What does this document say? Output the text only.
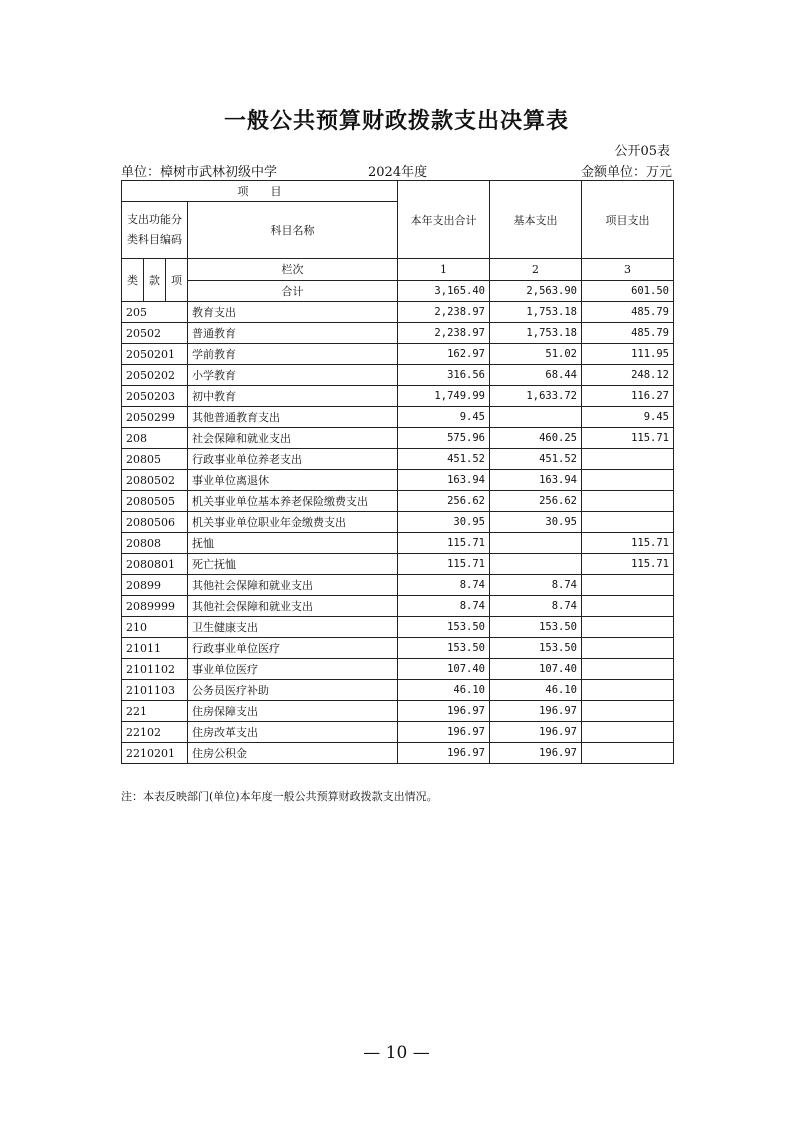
一般公共预算财政拨款支出决算表
公开05表
单位：樟树市武林初级中学	2024年度	金额单位：万元
项　　目				本年支出合计	基本支出	项目支出

支出功能分
类科目编码			科目名称			

类	款	项	栏次	1	2	3
			合计	3,165.40	2,563.90	601.50
205			教育支出	2,238.97	1,753.18	485.79
20502			普通教育	2,238.97	1,753.18	485.79
2050201			学前教育	162.97	51.02	111.95
2050202			小学教育	316.56	68.44	248.12
2050203			初中教育	1,749.99	1,633.72	116.27
2050299			其他普通教育支出	9.45		9.45
208			社会保障和就业支出	575.96	460.25	115.71
20805			行政事业单位养老支出	451.52	451.52	
2080502			事业单位离退休	163.94	163.94	
2080505			机关事业单位基本养老保险缴费支出	256.62	256.62	
2080506			机关事业单位职业年金缴费支出	30.95	30.95	
20808			抚恤	115.71		115.71
2080801			死亡抚恤	115.71		115.71
20899			其他社会保障和就业支出	8.74	8.74	
2089999			其他社会保障和就业支出	8.74	8.74	
210			卫生健康支出	153.50	153.50	
21011			行政事业单位医疗	153.50	153.50	
2101102			事业单位医疗	107.40	107.40	
2101103			公务员医疗补助	46.10	46.10	
221			住房保障支出	196.97	196.97	
22102			住房改革支出	196.97	196.97	
2210201			住房公积金	196.97	196.97	
注：本表反映部门(单位)本年度一般公共预算财政拨款支出情况。
— 10 —
